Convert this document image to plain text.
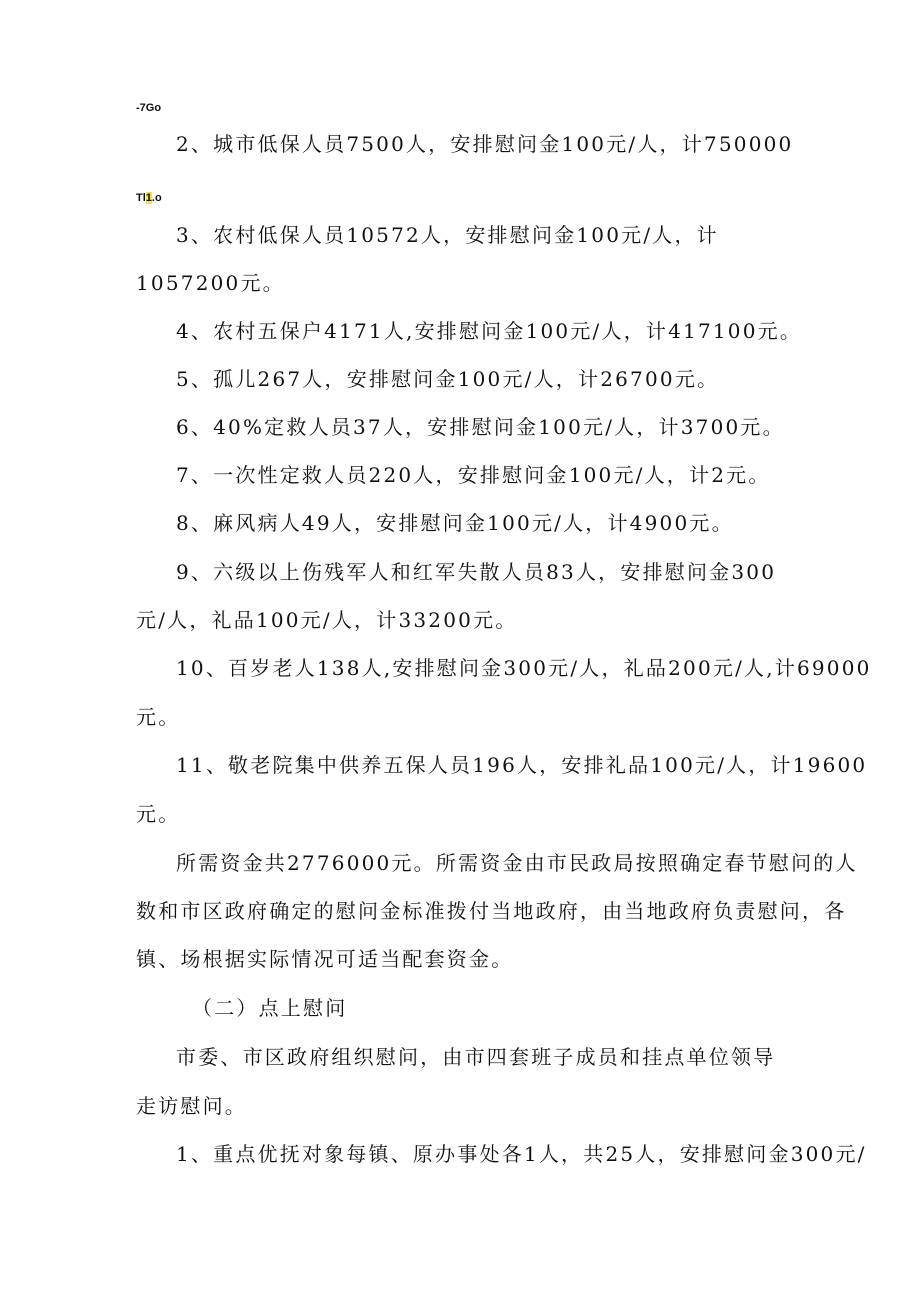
-7Go
2、城市低保人员7500人，安排慰问金100元/人，计750000
Tl1.o
3、农村低保人员10572人，安排慰问金100元/人，计
1057200元。
4、农村五保户4171人,安排慰问金100元/人，计417100元。
5、孤儿267人，安排慰问金100元/人，计26700元。
6、40%定救人员37人，安排慰问金100元/人，计3700元。
7、一次性定救人员220人，安排慰问金100元/人，计2元。
8、麻风病人49人，安排慰问金100元/人，计4900元。
9、六级以上伤残军人和红军失散人员83人，安排慰问金300
元/人，礼品100元/人，计33200元。
10、百岁老人138人,安排慰问金300元/人，礼品200元/人,计69000
元。
11、敬老院集中供养五保人员196人，安排礼品100元/人，计19600
元。
所需资金共2776000元。所需资金由市民政局按照确定春节慰问的人
数和市区政府确定的慰问金标准拨付当地政府，由当地政府负责慰问，各
镇、场根据实际情况可适当配套资金。
（二）点上慰问
市委、市区政府组织慰问，由市四套班子成员和挂点单位领导
走访慰问。
1、重点优抚对象每镇、原办事处各1人，共25人，安排慰问金300元/
